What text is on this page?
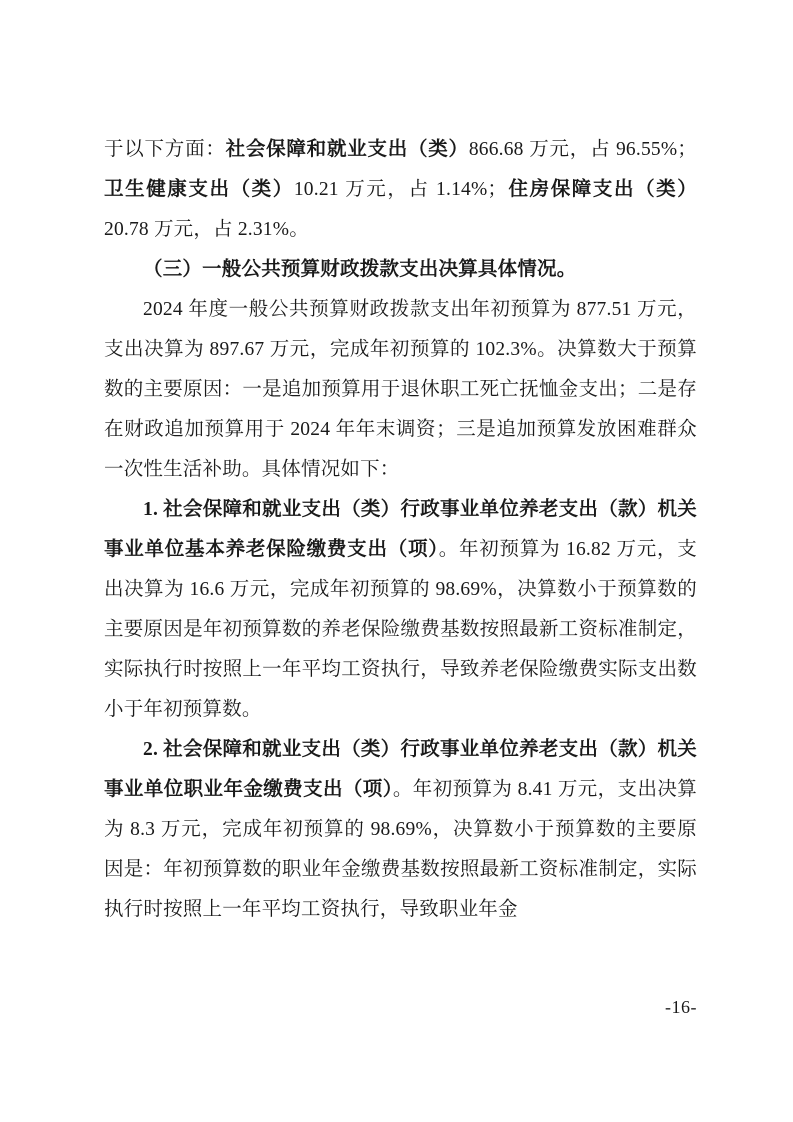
于以下方面：社会保障和就业支出（类）866.68 万元，占 96.55%；卫生健康支出（类）10.21 万元，占 1.14%；住房保障支出（类）20.78 万元，占 2.31%。

（三）一般公共预算财政拨款支出决算具体情况。

2024 年度一般公共预算财政拨款支出年初预算为 877.51 万元，支出决算为 897.67 万元，完成年初预算的 102.3%。决算数大于预算数的主要原因：一是追加预算用于退休职工死亡抚恤金支出；二是存在财政追加预算用于 2024 年年末调资；三是追加预算发放困难群众一次性生活补助。具体情况如下：

1. 社会保障和就业支出（类）行政事业单位养老支出（款）机关事业单位基本养老保险缴费支出（项）。年初预算为 16.82 万元，支出决算为 16.6 万元，完成年初预算的 98.69%，决算数小于预算数的主要原因是年初预算数的养老保险缴费基数按照最新工资标准制定，实际执行时按照上一年平均工资执行，导致养老保险缴费实际支出数小于年初预算数。

2. 社会保障和就业支出（类）行政事业单位养老支出（款）机关事业单位职业年金缴费支出（项）。年初预算为 8.41 万元，支出决算为 8.3 万元，完成年初预算的 98.69%，决算数小于预算数的主要原因是：年初预算数的职业年金缴费基数按照最新工资标准制定，实际执行时按照上一年平均工资执行，导致职业年金

-16-
